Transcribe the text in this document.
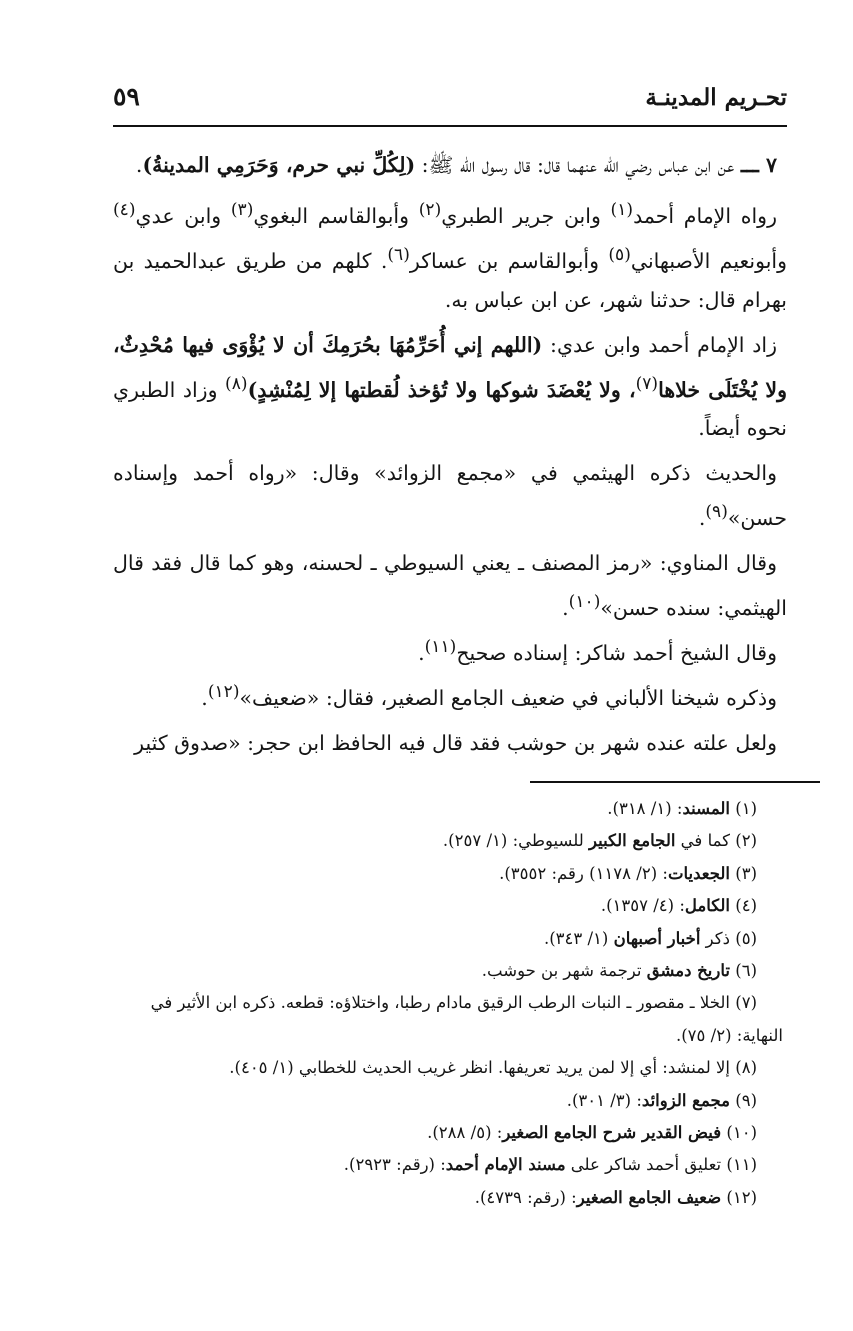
تحـريم المدينـة
٥٩

٧ ـــ عن ابن عباس رضي الله عنهما قال: قال رسول الله ﷺ: (لِكُلِّ نبي حرم، وَحَرَمِي المدينةُ).

رواه الإمام أحمد$^{(١)}$ وابن جرير الطبري$^{(٢)}$ وأبوالقاسم البغوي$^{(٣)}$ وابن عدي$^{(٤)}$ وأبونعيم الأصبهاني$^{(٥)}$ وأبوالقاسم بن عساكر$^{(٦)}$. كلهم من طريق عبدالحميد بن بهرام قال: حدثنا شهر، عن ابن عباس به.

زاد الإمام أحمد وابن عدي: (اللهم إني أُحَرِّمُهَا بحُرَمِكَ أن لا يُؤْوَى فيها مُحْدِثٌ، ولا يُخْتَلَى خلاها$^{(٧)}$، ولا يُعْضَدَ شوكها ولا تُؤخذ لُقطتها إلا لِمُنْشِدٍ)$^{(٨)}$ وزاد الطبري نحوه أيضاً.

والحديث ذكره الهيثمي في «مجمع الزوائد» وقال: «رواه أحمد وإسناده حسن»$^{(٩)}$.

وقال المناوي: «رمز المصنف ـ يعني السيوطي ـ لحسنه، وهو كما قال فقد قال الهيثمي: سنده حسن»$^{(١٠)}$.

وقال الشيخ أحمد شاكر: إسناده صحيح$^{(١١)}$.

وذكره شيخنا الألباني في ضعيف الجامع الصغير، فقال: «ضعيف»$^{(١٢)}$.

ولعل علته عنده شهر بن حوشب فقد قال فيه الحافظ ابن حجر: «صدوق كثير

(١) المسند: (١/ ٣١٨).

(٢) كما في الجامع الكبير للسيوطي: (١/ ٢٥٧).

(٣) الجعديات: (٢/ ١١٧٨) رقم: ٣٥٥٢).

(٤) الكامل: (٤/ ١٣٥٧).

(٥) ذكر أخبار أصبهان (١/ ٣٤٣).

(٦) تاريخ دمشق ترجمة شهر بن حوشب.

(٧) الخلا ـ مقصور ـ النبات الرطب الرقيق مادام رطبا، واختلاؤه: قطعه. ذكره ابن الأثير في

النهاية: (٢/ ٧٥).

(٨) إلا لمنشد: أي إلا لمن يريد تعريفها. انظر غريب الحديث للخطابي (١/ ٤٠٥).

(٩) مجمع الزوائد: (٣/ ٣٠١).

(١٠) فيض القدير شرح الجامع الصغير: (٥/ ٢٨٨).

(١١) تعليق أحمد شاكر على مسند الإمام أحمد: (رقم: ٢٩٢٣).

(١٢) ضعيف الجامع الصغير: (رقم: ٤٧٣٩).
